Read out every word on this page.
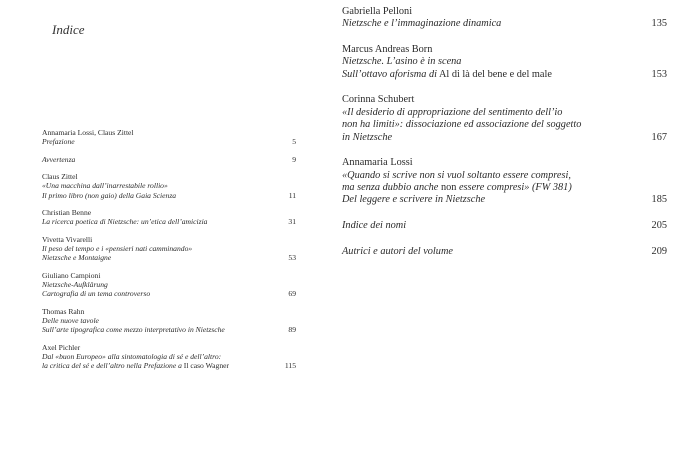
Indice
Annamaria Lossi, Claus Zittel
Prefazione	5
Avvertenza	9
Claus Zittel
«Una macchina dall’inarrestabile rollio»
Il primo libro (non gaio) della Gaia Scienza	11
Christian Benne
La ricerca poetica di Nietzsche: un’etica dell’amicizia	31
Vivetta Vivarelli
Il peso del tempo e i «pensieri nati camminando»
Nietzsche e Montaigne	53
Giuliano Campioni
Nietzsche-Aufklärung
Cartografia di un tema controverso	69
Thomas Rahn
Delle nuove tavole
Sull’arte tipografica come mezzo interpretativo in Nietzsche	89
Axel Pichler
Dal «buon Europeo» alla sintomatologia di sé e dell’altro:
la critica del sé e dell’altro nella Prefazione a Il caso Wagner	115
Gabriella Pelloni
Nietzsche e l’immaginazione dinamica	135
Marcus Andreas Born
Nietzsche. L’asino è in scena
Sull’ottavo aforisma di Al di là del bene e del male	153
Corinna Schubert
«Il desiderio di appropriazione del sentimento dell’io
non ha limiti»: dissociazione ed associazione del soggetto
in Nietzsche	167
Annamaria Lossi
«Quando si scrive non si vuol soltanto essere compresi,
ma senza dubbio anche non essere compresi» (FW 381)
Del leggere e scrivere in Nietzsche	185
Indice dei nomi	205
Autrici e autori del volume	209
